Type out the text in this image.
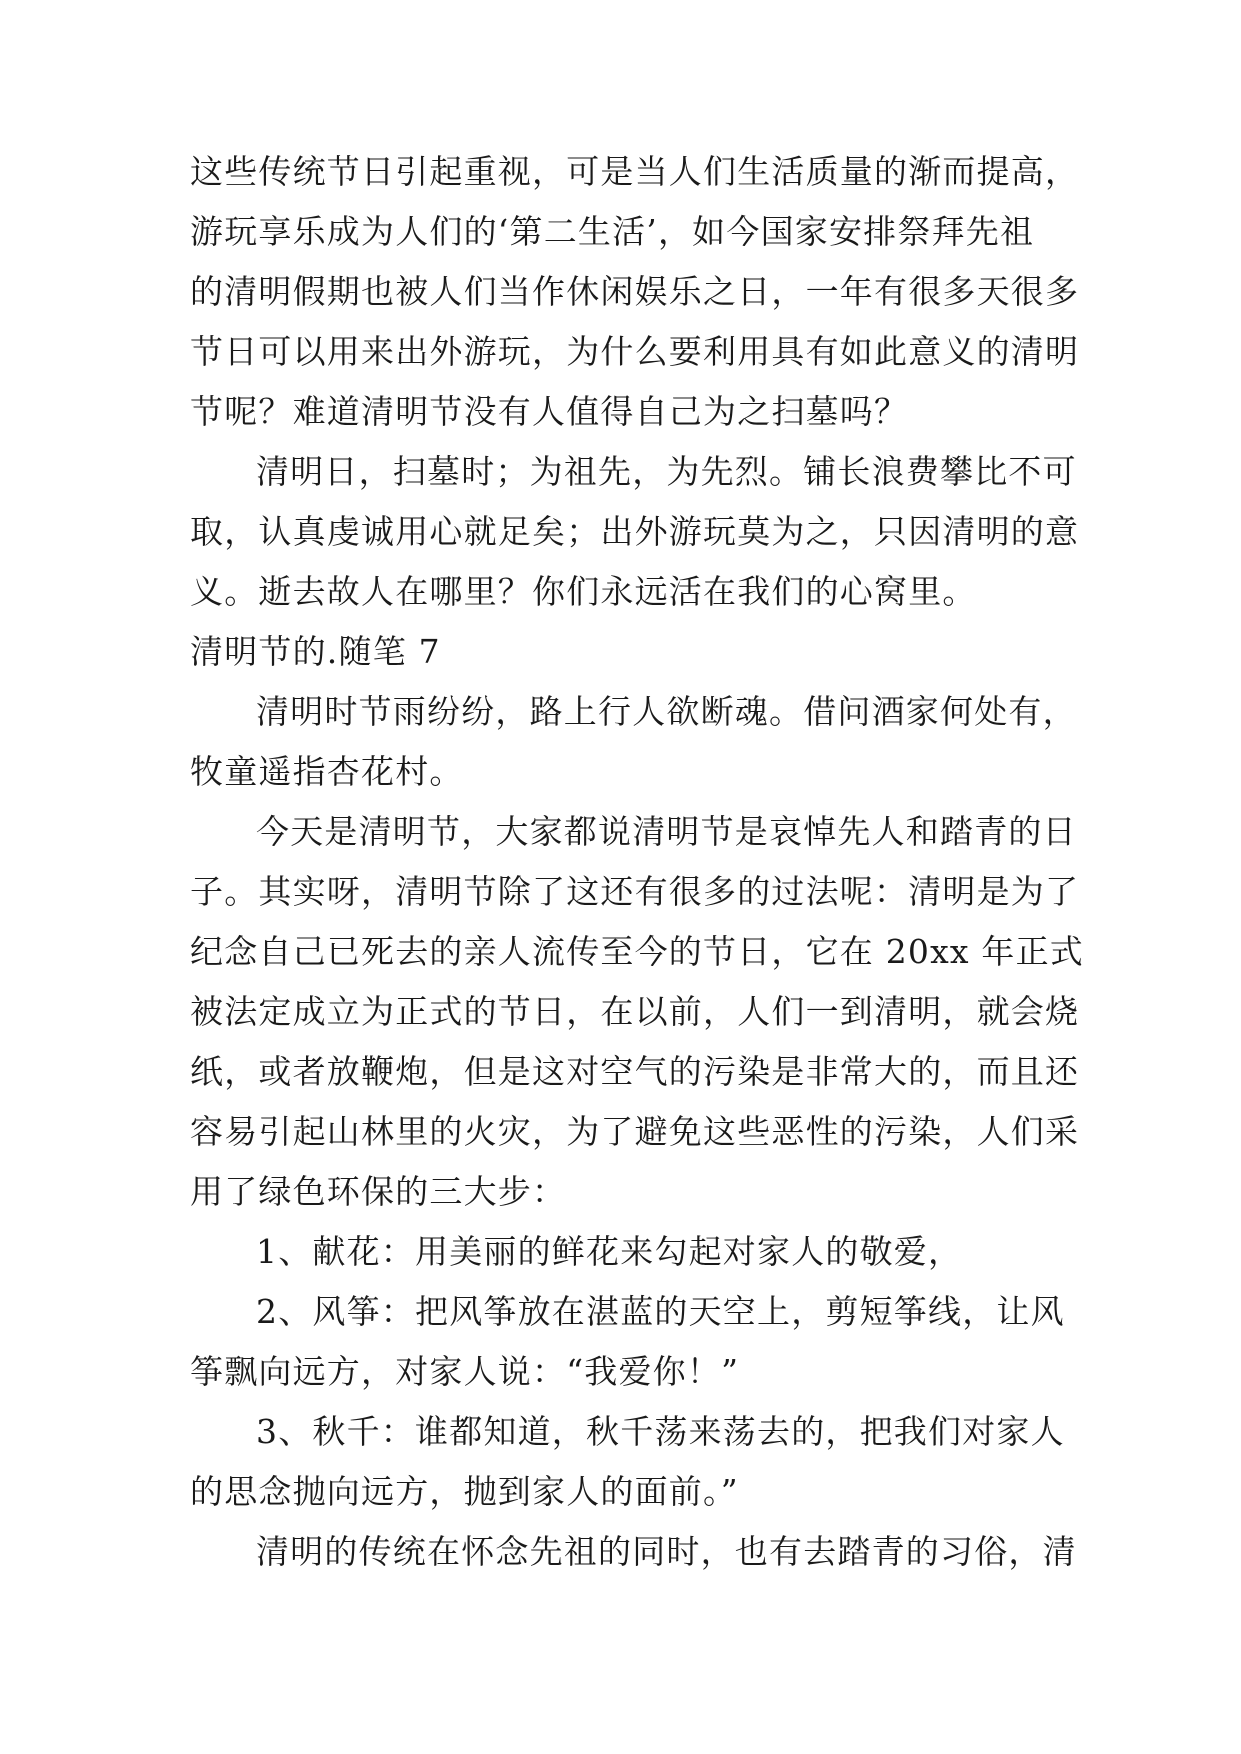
这些传统节日引起重视，可是当人们生活质量的渐而提高，
游玩享乐成为人们的‘第二生活’，如今国家安排祭拜先祖
的清明假期也被人们当作休闲娱乐之日，一年有很多天很多
节日可以用来出外游玩，为什么要利用具有如此意义的清明
节呢？难道清明节没有人值得自己为之扫墓吗？
清明日，扫墓时；为祖先，为先烈。铺长浪费攀比不可
取，认真虔诚用心就足矣；出外游玩莫为之，只因清明的意
义。逝去故人在哪里？你们永远活在我们的心窝里。
清明节的.随笔 7
清明时节雨纷纷，路上行人欲断魂。借问酒家何处有，
牧童遥指杏花村。
今天是清明节，大家都说清明节是哀悼先人和踏青的日
子。其实呀，清明节除了这还有很多的过法呢：清明是为了
纪念自己已死去的亲人流传至今的节日，它在 20xx 年正式
被法定成立为正式的节日，在以前，人们一到清明，就会烧
纸，或者放鞭炮，但是这对空气的污染是非常大的，而且还
容易引起山林里的火灾，为了避免这些恶性的污染，人们采
用了绿色环保的三大步：
1、献花：用美丽的鲜花来勾起对家人的敬爱，
2、风筝：把风筝放在湛蓝的天空上，剪短筝线，让风
筝飘向远方，对家人说：“我爱你！”
3、秋千：谁都知道，秋千荡来荡去的，把我们对家人
的思念抛向远方，抛到家人的面前。”
清明的传统在怀念先祖的同时，也有去踏青的习俗，清
